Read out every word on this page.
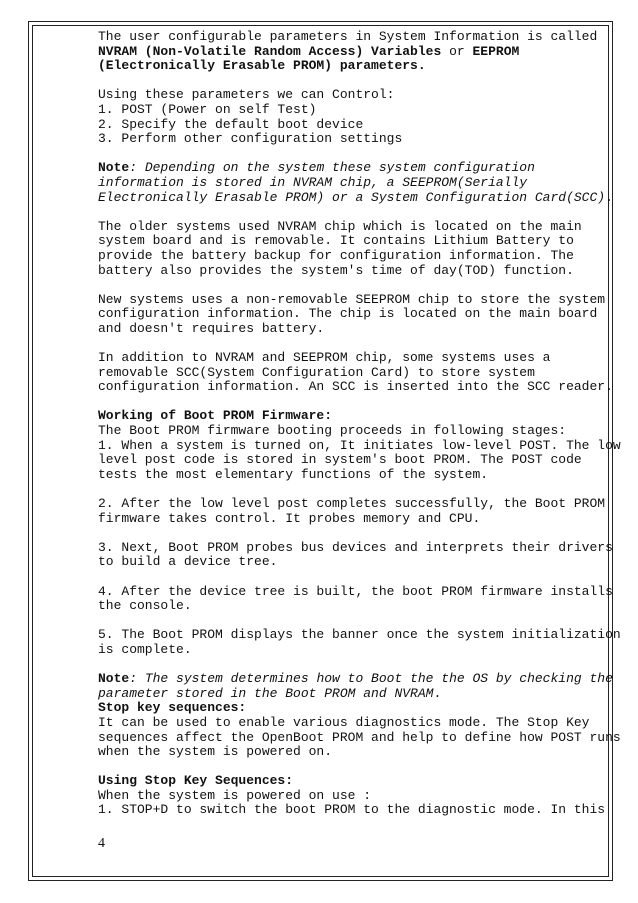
The user configurable parameters in System Information is called
NVRAM (Non-Volatile Random Access) Variables or EEPROM
(Electronically Erasable PROM) parameters.

Using these parameters we can Control:
1. POST (Power on self Test)
2. Specify the default boot device
3. Perform other configuration settings

Note: Depending on the system these system configuration
information is stored in NVRAM chip, a SEEPROM(Serially
Electronically Erasable PROM) or a System Configuration Card(SCC).

The older systems used NVRAM chip which is located on the main
system board and is removable. It contains Lithium Battery to
provide the battery backup for configuration information. The
battery also provides the system's time of day(TOD) function.

New systems uses a non-removable SEEPROM chip to store the system
configuration information. The chip is located on the main board
and doesn't requires battery.

In addition to NVRAM and SEEPROM chip, some systems uses a
removable SCC(System Configuration Card) to store system
configuration information. An SCC is inserted into the SCC reader.

Working of Boot PROM Firmware:
The Boot PROM firmware booting proceeds in following stages:
1. When a system is turned on, It initiates low-level POST. The low
level post code is stored in system's boot PROM. The POST code
tests the most elementary functions of the system.

2. After the low level post completes successfully, the Boot PROM
firmware takes control. It probes memory and CPU.

3. Next, Boot PROM probes bus devices and interprets their drivers
to build a device tree.

4. After the device tree is built, the boot PROM firmware installs
the console.

5. The Boot PROM displays the banner once the system initialization
is complete.

Note: The system determines how to Boot the the OS by checking the
parameter stored in the Boot PROM and NVRAM.

Stop key sequences:
It can be used to enable various diagnostics mode. The Stop Key
sequences affect the OpenBoot PROM and help to define how POST runs
when the system is powered on.

Using Stop Key Sequences:
When the system is powered on use :
1. STOP+D to switch the boot PROM to the diagnostic mode. In this

4
